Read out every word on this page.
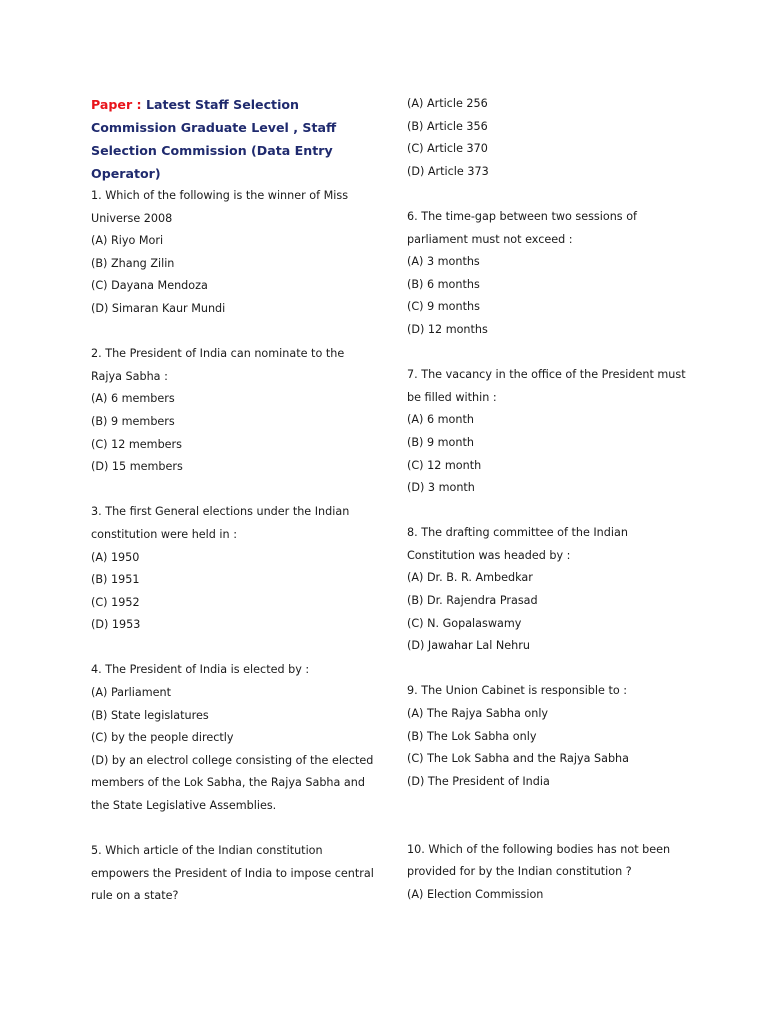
Paper : Latest Staff Selection Commission Graduate Level , Staff Selection Commission (Data Entry Operator)

1. Which of the following is the winner of Miss Universe 2008

(A) Riyo Mori

(B) Zhang Zilin

(C) Dayana Mendoza

(D) Simaran Kaur Mundi

2. The President of India can nominate to the Rajya Sabha :

(A) 6 members

(B) 9 members

(C) 12 members

(D) 15 members

3. The first General elections under the Indian constitution were held in :

(A) 1950

(B) 1951

(C) 1952

(D) 1953

4. The President of India is elected by :

(A) Parliament

(B) State legislatures

(C) by the people directly

(D) by an electrol college consisting of the elected members of the Lok Sabha, the Rajya Sabha and the State Legislative Assemblies.

5. Which article of the Indian constitution empowers the President of India to impose central rule on a state?

(A) Article 256

(B) Article 356

(C) Article 370

(D) Article 373

6. The time-gap between two sessions of parliament must not exceed :

(A) 3 months

(B) 6 months

(C) 9 months

(D) 12 months

7. The vacancy in the office of the President must be filled within :

(A) 6 month

(B) 9 month

(C) 12 month

(D) 3 month

8. The drafting committee of the Indian Constitution was headed by :

(A) Dr. B. R. Ambedkar

(B) Dr. Rajendra Prasad

(C) N. Gopalaswamy

(D) Jawahar Lal Nehru

9. The Union Cabinet is responsible to :

(A) The Rajya Sabha only

(B) The Lok Sabha only

(C) The Lok Sabha and the Rajya Sabha

(D) The President of India

10. Which of the following bodies has not been provided for by the Indian constitution ?

(A) Election Commission
